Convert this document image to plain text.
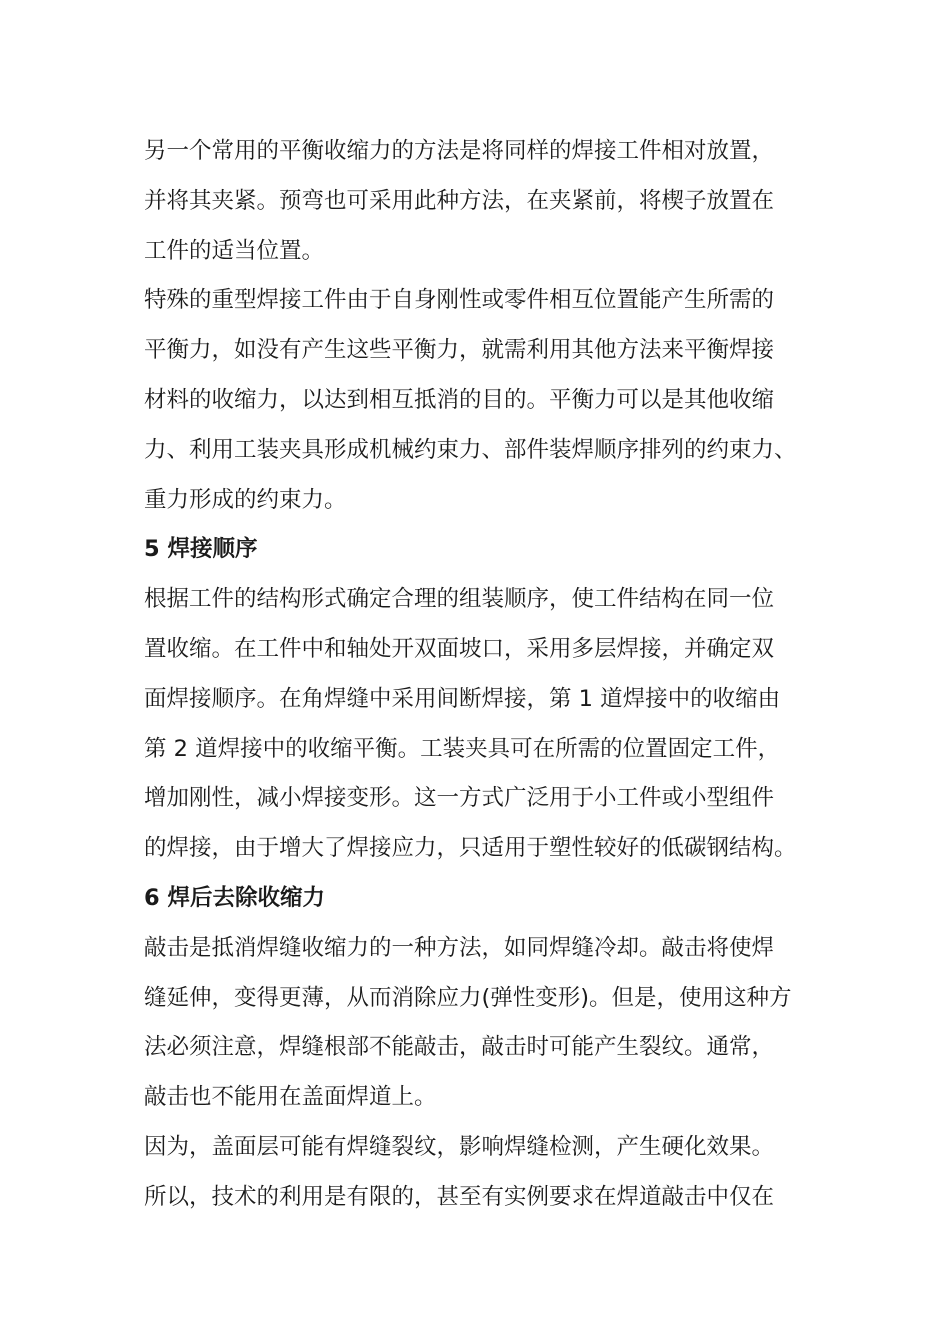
另一个常用的平衡收缩力的方法是将同样的焊接工件相对放置，
并将其夹紧。预弯也可采用此种方法，在夹紧前，将楔子放置在
工件的适当位置。
特殊的重型焊接工件由于自身刚性或零件相互位置能产生所需的
平衡力，如没有产生这些平衡力，就需利用其他方法来平衡焊接
材料的收缩力，以达到相互抵消的目的。平衡力可以是其他收缩
力、利用工装夹具形成机械约束力、部件装焊顺序排列的约束力、
重力形成的约束力。
5 焊接顺序
根据工件的结构形式确定合理的组装顺序，使工件结构在同一位
置收缩。在工件中和轴处开双面坡口，采用多层焊接，并确定双
面焊接顺序。在角焊缝中采用间断焊接，第 1 道焊接中的收缩由
第 2 道焊接中的收缩平衡。工装夹具可在所需的位置固定工件，
增加刚性，减小焊接变形。这一方式广泛用于小工件或小型组件
的焊接，由于增大了焊接应力，只适用于塑性较好的低碳钢结构。
6 焊后去除收缩力
敲击是抵消焊缝收缩力的一种方法，如同焊缝冷却。敲击将使焊
缝延伸，变得更薄，从而消除应力(弹性变形)。但是，使用这种方
法必须注意，焊缝根部不能敲击，敲击时可能产生裂纹。通常，
敲击也不能用在盖面焊道上。
因为，盖面层可能有焊缝裂纹，影响焊缝检测，产生硬化效果。
所以，技术的利用是有限的，甚至有实例要求在焊道敲击中仅在
